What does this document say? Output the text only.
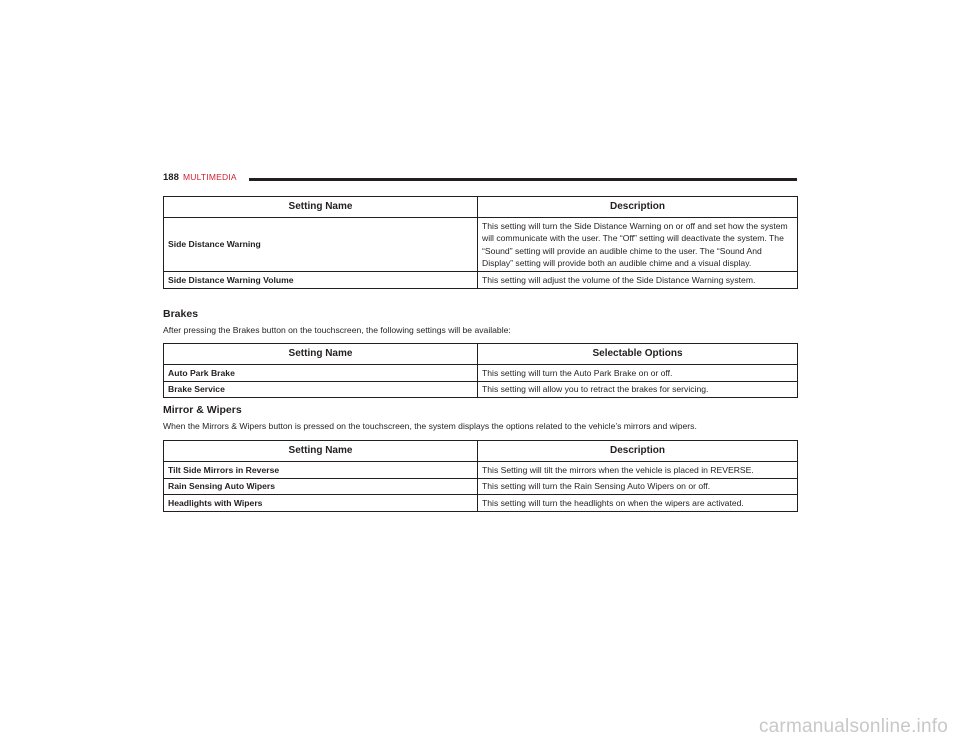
188 MULTIMEDIA
Setting Name	Description
Side Distance Warning	This setting will turn the Side Distance Warning on or off and set how the system will communicate with the user. The “Off” setting will deactivate the system. The “Sound” setting will provide an audible chime to the user. The “Sound And Display” setting will provide both an audible chime and a visual display.
Side Distance Warning Volume	This setting will adjust the volume of the Side Distance Warning system.
Brakes
After pressing the Brakes button on the touchscreen, the following settings will be available:
Setting Name	Selectable Options
Auto Park Brake	This setting will turn the Auto Park Brake on or off.
Brake Service	This setting will allow you to retract the brakes for servicing.
Mirror & Wipers
When the Mirrors & Wipers button is pressed on the touchscreen, the system displays the options related to the vehicle’s mirrors and wipers.
Setting Name	Description
Tilt Side Mirrors in Reverse	This Setting will tilt the mirrors when the vehicle is placed in REVERSE.
Rain Sensing Auto Wipers	This setting will turn the Rain Sensing Auto Wipers on or off.
Headlights with Wipers	This setting will turn the headlights on when the wipers are activated.
carmanualsonline.info
